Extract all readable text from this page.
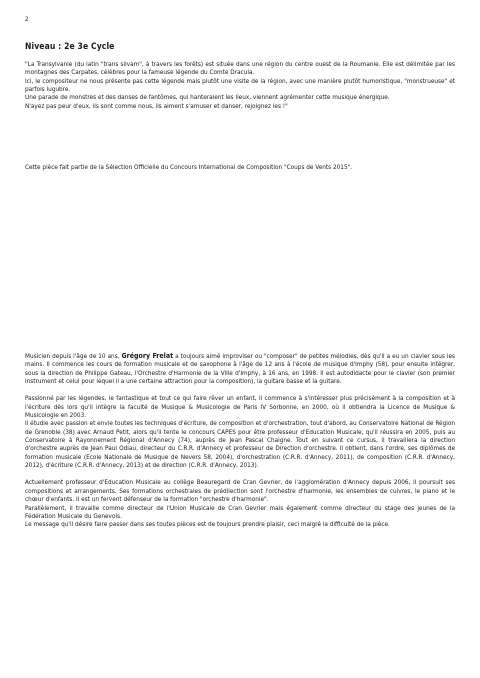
2
Niveau : 2e 3e Cycle

"La Transylvanie (du latin "trans silvam", à travers les forêts) est située dans une région du centre ouest de la Roumanie. Elle est délimitée par les montagnes des Carpates, célèbres pour la fameuse légende du Comte Dracula.

Ici, le compositeur ne nous présente pas cette légende mais plutôt une visite de la région, avec une manière plutôt humoristique, "monstrueuse" et parfois lugubre.

Une parade de monstres et des danses de fantômes, qui hanteraient les lieux, viennent agrémenter cette musique énergique.

N'ayez pas peur d'eux, ils sont comme nous, ils aiment s'amuser et danser, rejoignez les !"

Cette pièce fait partie de la Sélection Officielle du Concours International de Composition "Coups de Vents 2015".

Musicien depuis l'âge de 10 ans, Grégory Frelat a toujours aimé improviser ou "composer" de petites mélodies, dès qu'il a eu un clavier sous les mains. Il commence les cours de formation musicale et de saxophone à l'âge de 12 ans à l'école de musique d'Imphy (58), pour ensuite intégrer, sous la direction de Philippe Gateau, l'Orchestre d'Harmonie de la Ville d'Imphy, à 16 ans, en 1998. Il est autodidacte pour le clavier (son premier instrument et celui pour lequel il a une certaine attraction pour la composition), la guitare basse et la guitare.

Passionné par les légendes, le fantastique et tout ce qui faire rêver un enfant, il commence à s'intéresser plus précisément à la composition et à l'écriture dès lors qu'il intègre la faculté de Musique & Musicologie de Paris IV Sorbonne, en 2000, où il obtiendra la Licence de Musique & Musicologie en 2003.

Il étudie avec passion et envie toutes les techniques d'écriture, de composition et d'orchestration, tout d'abord, au Conservatoire National de Région de Grenoble (38) avec Arnaud Petit, alors qu'il tente le concours CAPES pour être professeur d'Education Musicale, qu'il réussira en 2005, puis au Conservatoire à Rayonnement Régional d'Annecy (74), auprès de Jean Pascal Chaigne. Tout en suivant ce cursus, il travaillera la direction d'orchestre auprès de Jean Paul Odiau, directeur du C.R.R. d'Annecy et professeur de Direction d'orchestre. Il obtient, dans l'ordre, ses diplômes de formation musicale (Ecole Nationale de Musique de Nevers 58, 2004), d'orchestration (C.R.R. d'Annecy, 2011), de composition (C.R.R. d'Annecy, 2012), d'écriture (C.R.R. d'Annecy, 2013) et de direction (C.R.R. d'Annecy, 2013).

Actuellement professeur d'Education Musicale au collège Beauregard de Cran Gevrier, de l'agglomération d'Annecy depuis 2006, il poursuit ses compositions et arrangements. Ses formations orchestrales de prédilection sont l'orchestre d'harmonie, les ensembles de cuivres, le piano et le chœur d'enfants. Il est un fervent défenseur de la formation "orchestre d'harmonie".

Parallèlement, il travaille comme directeur de l'Union Musicale de Cran Gevrier mais également comme directeur du stage des jeunes de la Fédération Musicale du Genevois.

Le message qu'il désire faire passer dans ses toutes pièces est de toujours prendre plaisir, ceci malgré la difficulté de la pièce.
